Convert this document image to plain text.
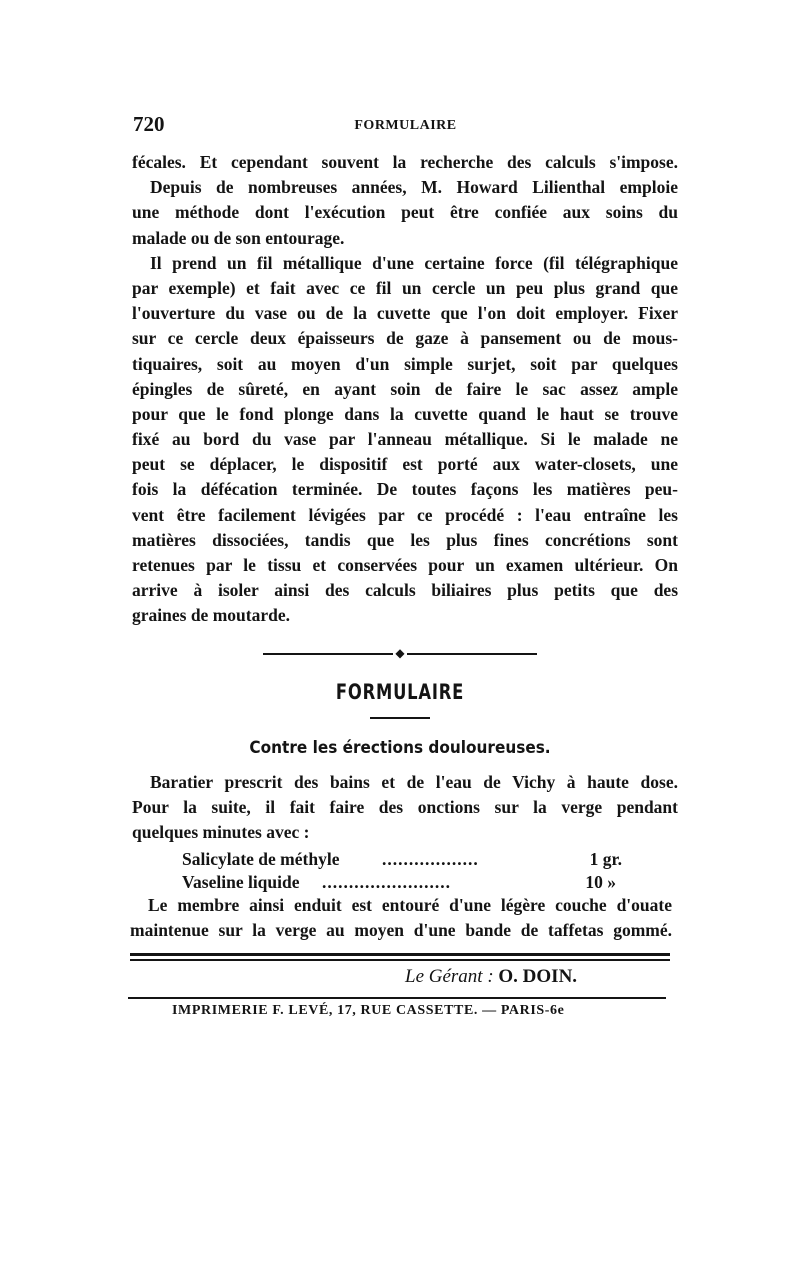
720	FORMULAIRE
fécales. Et cependant souvent la recherche des calculs s'impose.
Depuis de nombreuses années, M. Howard Lilienthal emploie
une méthode dont l'exécution peut être confiée aux soins du
malade ou de son entourage.
Il prend un fil métallique d'une certaine force (fil télégraphique
par exemple) et fait avec ce fil un cercle un peu plus grand que
l'ouverture du vase ou de la cuvette que l'on doit employer. Fixer
sur ce cercle deux épaisseurs de gaze à pansement ou de mous-
tiquaires, soit au moyen d'un simple surjet, soit par quelques
épingles de sûreté, en ayant soin de faire le sac assez ample
pour que le fond plonge dans la cuvette quand le haut se trouve
fixé au bord du vase par l'anneau métallique. Si le malade ne
peut se déplacer, le dispositif est porté aux water-closets, une
fois la défécation terminée. De toutes façons les matières peu-
vent être facilement lévigées par ce procédé : l'eau entraîne les
matières dissociées, tandis que les plus fines concrétions sont
retenues par le tissu et conservées pour un examen ultérieur. On
arrive à isoler ainsi des calculs biliaires plus petits que des
graines de moutarde.
◆
FORMULAIRE
Contre les érections douloureuses.
Baratier prescrit des bains et de l'eau de Vichy à haute dose.
Pour la suite, il fait faire des onctions sur la verge pendant
quelques minutes avec :
Salicylate de méthyle ..................	1 gr.
Vaseline liquide ........................	10 »
Le membre ainsi enduit est entouré d'une légère couche d'ouate
maintenue sur la verge au moyen d'une bande de taffetas gommé.
Le Gérant : O. DOIN.
IMPRIMERIE F. LEVÉ, 17, RUE CASSETTE. — PARIS-6e
